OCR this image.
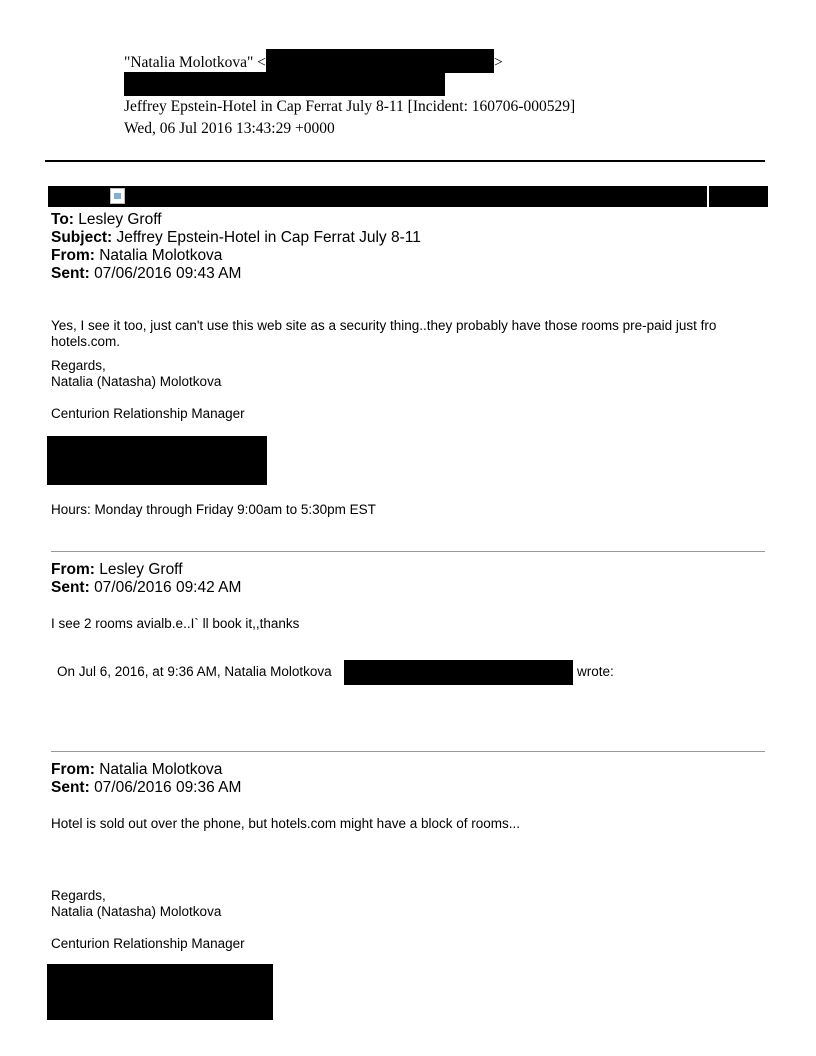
"Natalia Molotkova" <	>
Jeffrey Epstein-Hotel in Cap Ferrat July 8-11 [Incident: 160706-000529]
Wed, 06 Jul 2016 13:43:29 +0000
To: Lesley Groff
Subject: Jeffrey Epstein-Hotel in Cap Ferrat July 8-11
From: Natalia Molotkova
Sent: 07/06/2016 09:43 AM
Yes, I see it too, just can't use this web site as a security thing..they probably have those rooms pre-paid just fro hotels.com.
Regards,
Natalia (Natasha) Molotkova
Centurion Relationship Manager
Hours: Monday through Friday 9:00am to 5:30pm EST
From: Lesley Groff
Sent: 07/06/2016 09:42 AM
I see 2 rooms avialb.e..I` ll book it,,thanks
On Jul 6, 2016, at 9:36 AM, Natalia Molotkova	wrote:
From: Natalia Molotkova
Sent: 07/06/2016 09:36 AM
Hotel is sold out over the phone, but hotels.com might have a block of rooms...
Regards,
Natalia (Natasha) Molotkova
Centurion Relationship Manager
